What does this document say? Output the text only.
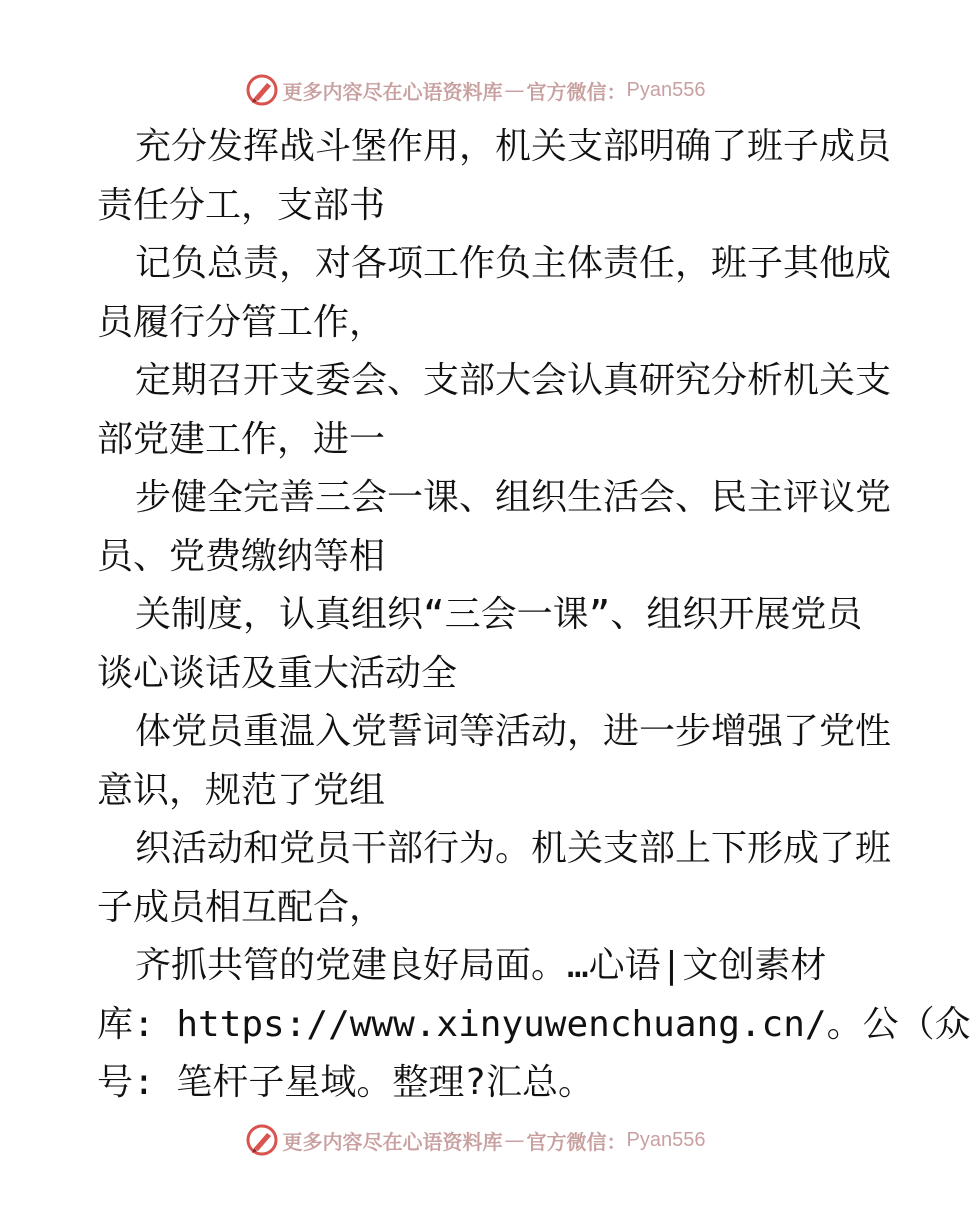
更多内容尽在心语资料库 — 官方微信： Pyan556
充分发挥战斗堡作用，机关支部明确了班子成员
责任分工，支部书
记负总责，对各项工作负主体责任，班子其他成
员履行分管工作，
定期召开支委会、支部大会认真研究分析机关支
部党建工作，进一
步健全完善三会一课、组织生活会、民主评议党
员、党费缴纳等相
关制度，认真组织“三会一课”、组织开展党员
谈心谈话及重大活动全
体党员重温入党誓词等活动，进一步增强了党性
意识，规范了党组
织活动和党员干部行为。机关支部上下形成了班
子成员相互配合，
齐抓共管的党建良好局面。…心语|文创素材
库: https://www.xinyuwenchuang.cn/。公（众
号: 笔杆子星域。整理?汇总。
更多内容尽在心语资料库 — 官方微信： Pyan556
